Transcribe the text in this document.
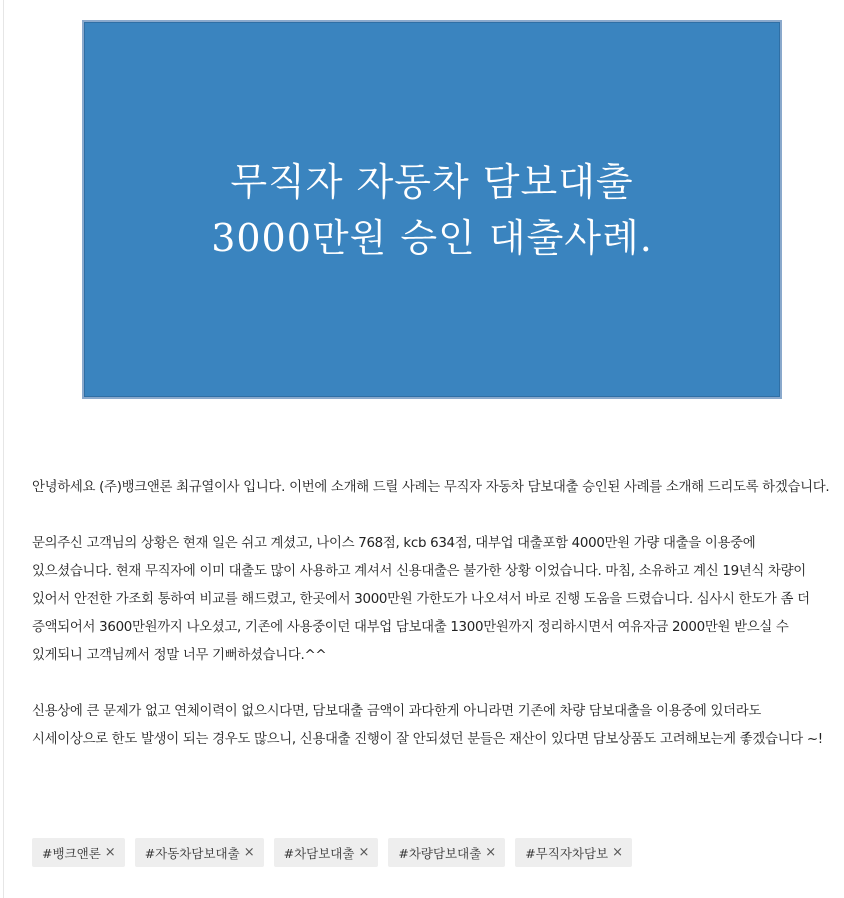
무직자 자동차 담보대출
3000만원 승인 대출사례.

안녕하세요 (주)뱅크앤론 최규열이사 입니다. 이번에 소개해 드릴 사례는 무직자 자동차 담보대출 승인된 사례를 소개해 드리도록 하겠습니다.

문의주신 고객님의 상황은 현재 일은 쉬고 계셨고, 나이스 768점, kcb 634점, 대부업 대출포함 4000만원 가량 대출을 이용중에 있으셨습니다. 현재 무직자에 이미 대출도 많이 사용하고 계셔서 신용대출은 불가한 상황 이었습니다. 마침, 소유하고 계신 19년식 차량이 있어서 안전한 가조회 통하여 비교를 해드렸고, 한곳에서 3000만원 가한도가 나오셔서 바로 진행 도움을 드렸습니다. 심사시 한도가 좀 더 증액되어서 3600만원까지 나오셨고, 기존에 사용중이던 대부업 담보대출 1300만원까지 정리하시면서 여유자금 2000만원 받으실 수 있게되니 고객님께서 정말 너무 기뻐하셨습니다.^^

신용상에 큰 문제가 없고 연체이력이 없으시다면, 담보대출 금액이 과다한게 아니라면 기존에 차량 담보대출을 이용중에 있더라도 시세이상으로 한도 발생이 되는 경우도 많으니, 신용대출 진행이 잘 안되셨던 분들은 재산이 있다면 담보상품도 고려해보는게 좋겠습니다 ~!

#뱅크앤론 × #자동차담보대출 × #차담보대출 × #차량담보대출 × #무직자차담보 ×
